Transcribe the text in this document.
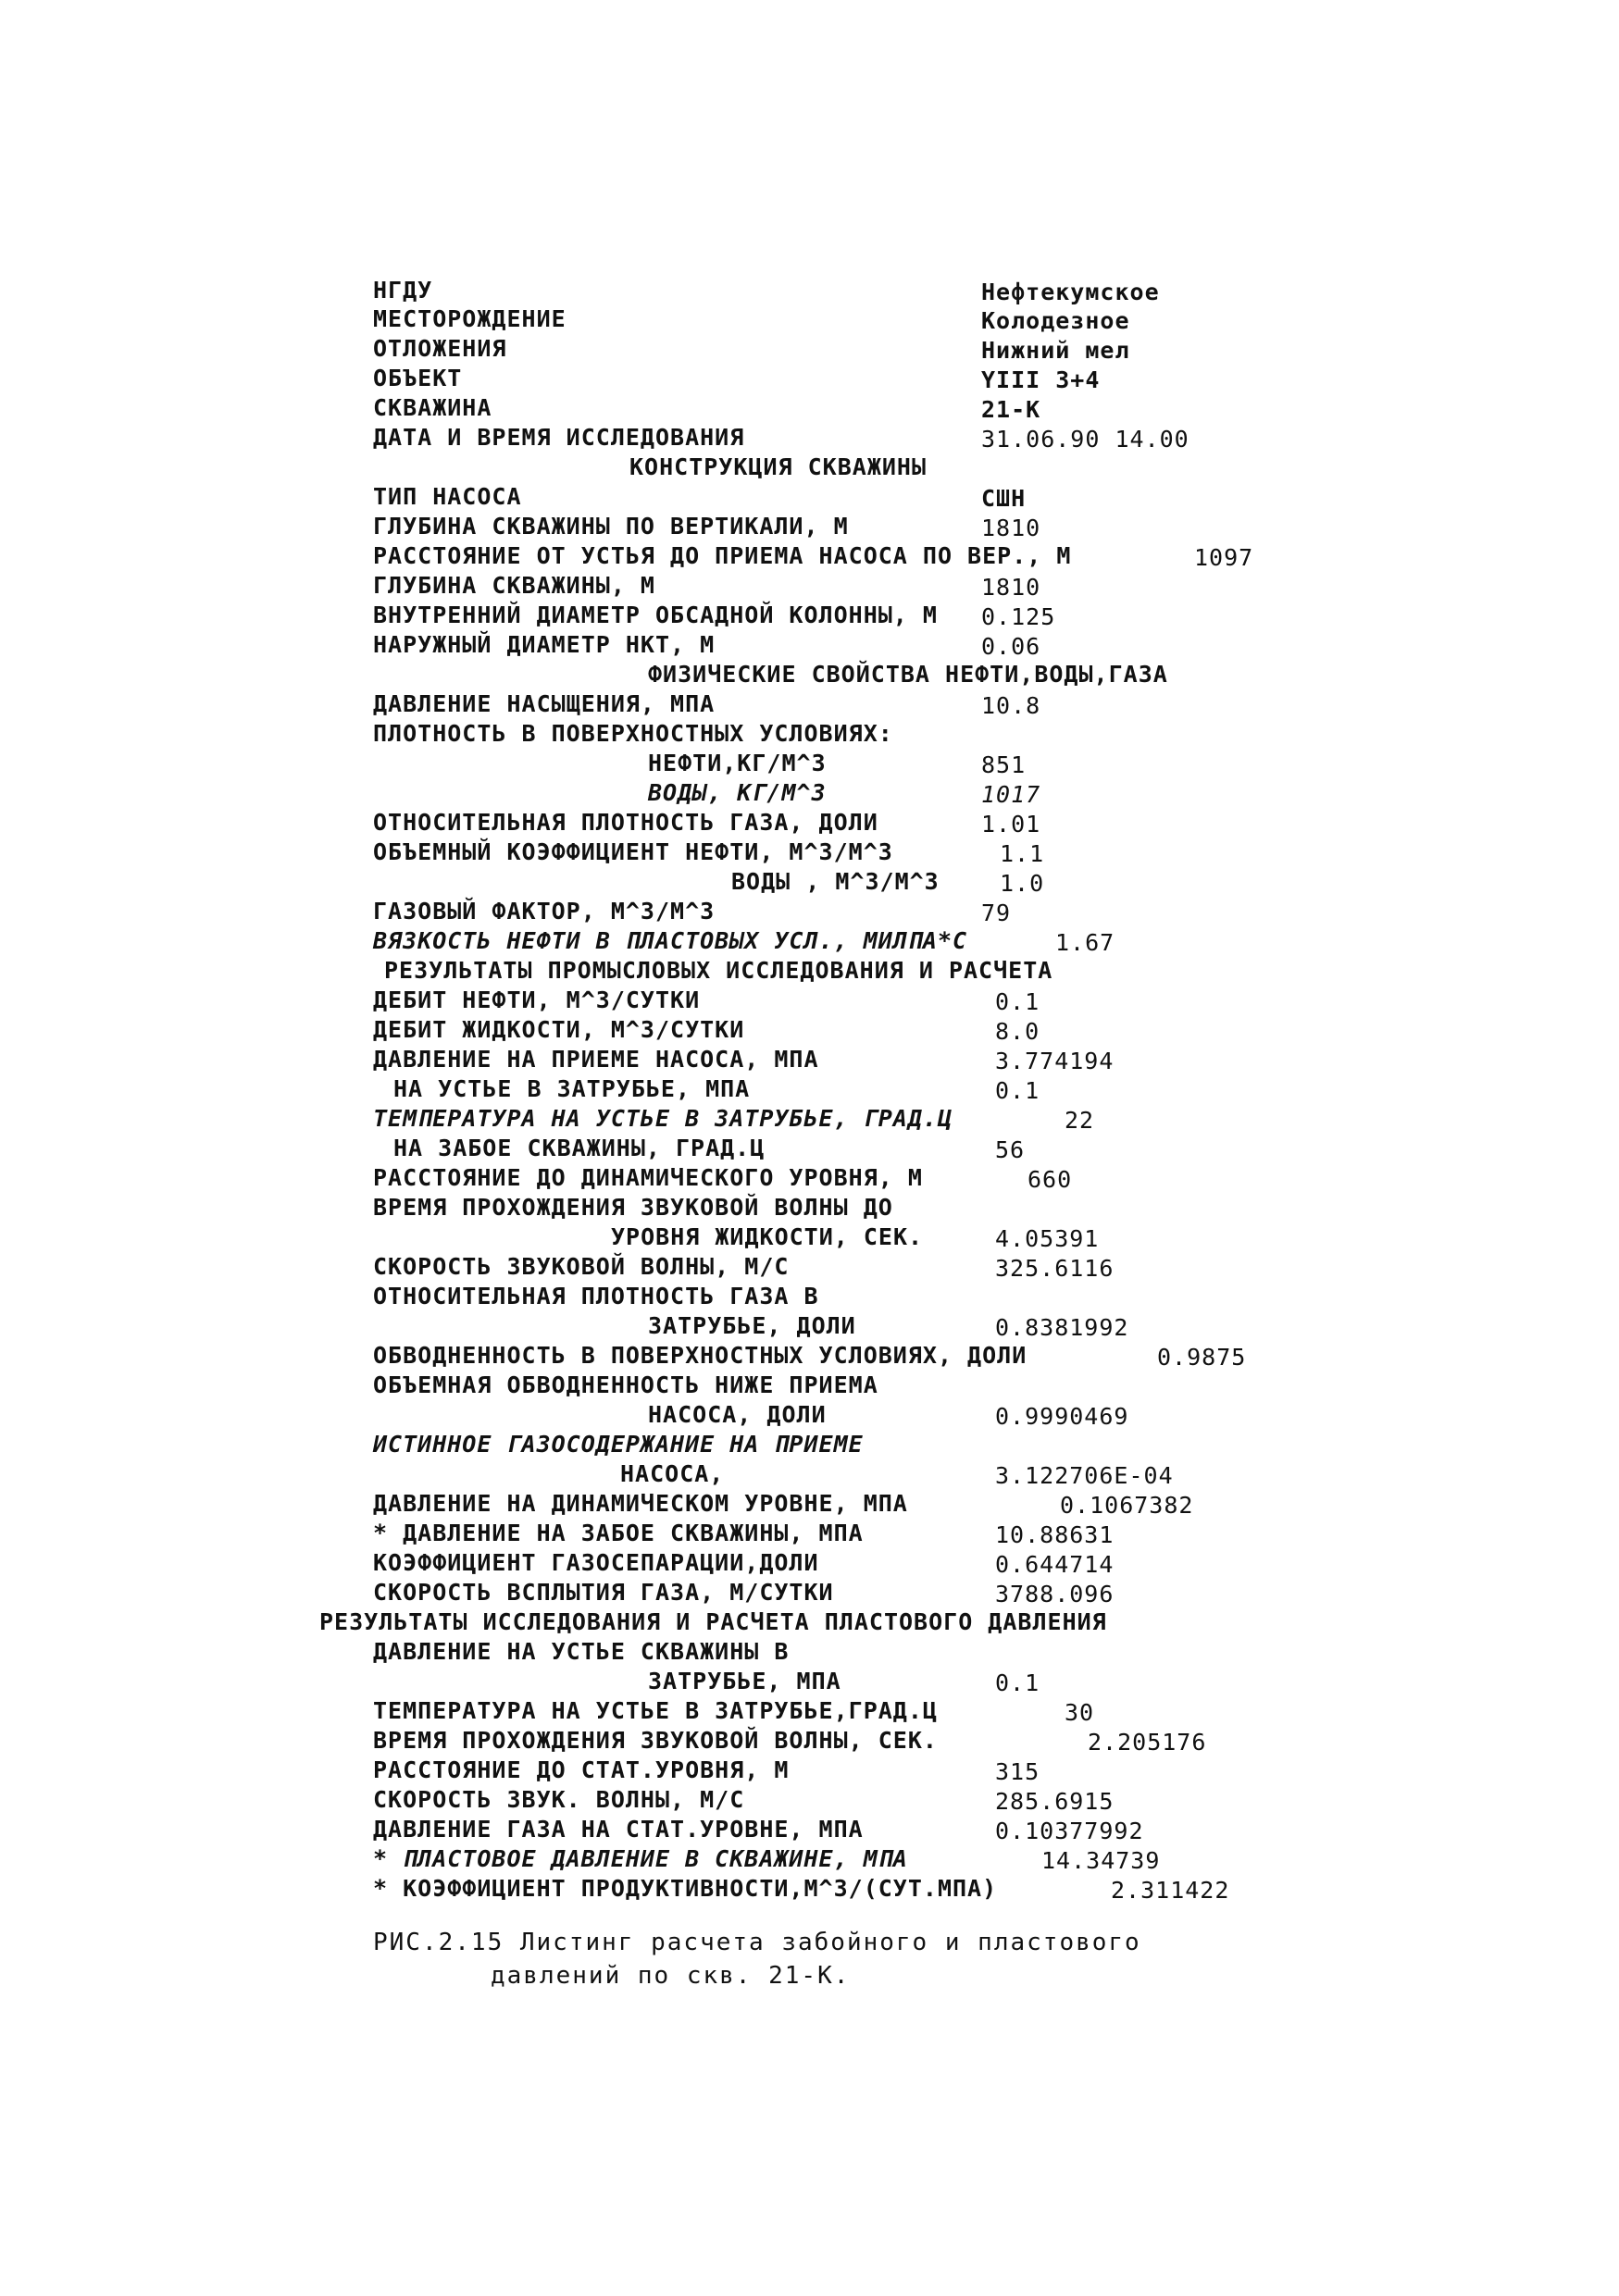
НГДУ	Нефтекумское
МЕСТОРОЖДЕНИЕ	Колодезное
ОТЛОЖЕНИЯ	Нижний мел
ОБЪЕКТ	YIII 3+4
СКВАЖИНА	21-К
ДАТА И ВРЕМЯ ИССЛЕДОВАНИЯ	31.06.90 14.00
КОНСТРУКЦИЯ СКВАЖИНЫ
ТИП НАСОСА	СШН
ГЛУБИНА СКВАЖИНЫ ПО ВЕРТИКАЛИ, М	1810
РАССТОЯНИЕ ОТ УСТЬЯ ДО ПРИЕМА НАСОСА ПО ВЕР., М	1097
ГЛУБИНА СКВАЖИНЫ, М	1810
ВНУТРЕННИЙ ДИАМЕТР ОБСАДНОЙ КОЛОННЫ, М 0.125
НАРУЖНЫЙ ДИАМЕТР НКТ, М	0.06
ФИЗИЧЕСКИЕ СВОЙСТВА НЕФТИ,ВОДЫ,ГАЗА
ДАВЛЕНИЕ НАСЫЩЕНИЯ, МПА	10.8
ПЛОТНОСТЬ В ПОВЕРХНОСТНЫХ УСЛОВИЯХ:
НЕФТИ,КГ/М^3	851
ВОДЫ, КГ/М^3	1017
ОТНОСИТЕЛЬНАЯ ПЛОТНОСТЬ ГАЗА, ДОЛИ	1.01
ОБЪЕМНЫЙ КОЭФФИЦИЕНТ НЕФТИ, М^3/М^3	1.1
ВОДЫ , М^3/М^3	1.0
ГАЗОВЫЙ ФАКТОР, М^3/М^3	79
ВЯЗКОСТЬ НЕФТИ В ПЛАСТОВЫХ УСЛ., МИЛПА*С	1.67
РЕЗУЛЬТАТЫ ПРОМЫСЛОВЫХ ИССЛЕДОВАНИЯ И РАСЧЕТА
ДЕБИТ НЕФТИ, М^3/СУТКИ	0.1
ДЕБИТ ЖИДКОСТИ, М^3/СУТКИ	8.0
ДАВЛЕНИЕ НА ПРИЕМЕ НАСОСА, МПА	3.774194
НА УСТЬЕ В ЗАТРУБЬЕ, МПА	0.1
ТЕМПЕРАТУРА НА УСТЬЕ В ЗАТРУБЬЕ, ГРАД.Ц	22
НА ЗАБОЕ СКВАЖИНЫ, ГРАД.Ц	56
РАССТОЯНИЕ ДО ДИНАМИЧЕСКОГО УРОВНЯ, М	660
ВРЕМЯ ПРОХОЖДЕНИЯ ЗВУКОВОЙ ВОЛНЫ ДО
УРОВНЯ ЖИДКОСТИ, СЕК.	4.05391
СКОРОСТЬ ЗВУКОВОЙ ВОЛНЫ, М/С	325.6116
ОТНОСИТЕЛЬНАЯ ПЛОТНОСТЬ ГАЗА В
ЗАТРУБЬЕ, ДОЛИ	0.8381992
ОБВОДНЕННОСТЬ В ПОВЕРХНОСТНЫХ УСЛОВИЯХ, ДОЛИ	0.9875
ОБЪЕМНАЯ ОБВОДНЕННОСТЬ НИЖЕ ПРИЕМА
НАСОСА, ДОЛИ	0.9990469
ИСТИННОЕ ГАЗОСОДЕРЖАНИЕ НА ПРИЕМЕ
НАСОСА,	3.122706E-04
ДАВЛЕНИЕ НА ДИНАМИЧЕСКОМ УРОВНЕ, МПА	0.1067382
* ДАВЛЕНИЕ НА ЗАБОЕ СКВАЖИНЫ, МПА	10.88631
КОЭФФИЦИЕНТ ГАЗОСЕПАРАЦИИ,ДОЛИ	0.644714
СКОРОСТЬ ВСПЛЫТИЯ ГАЗА, М/СУТКИ	3788.096
РЕЗУЛЬТАТЫ ИССЛЕДОВАНИЯ И РАСЧЕТА ПЛАСТОВОГО ДАВЛЕНИЯ
ДАВЛЕНИЕ НА УСТЬЕ СКВАЖИНЫ В
ЗАТРУБЬЕ, МПА	0.1
ТЕМПЕРАТУРА НА УСТЬЕ В ЗАТРУБЬЕ,ГРАД.Ц	30
ВРЕМЯ ПРОХОЖДЕНИЯ ЗВУКОВОЙ ВОЛНЫ, СЕК.	2.205176
РАССТОЯНИЕ ДО СТАТ.УРОВНЯ, М	315
СКОРОСТЬ ЗВУК. ВОЛНЫ, М/С	285.6915
ДАВЛЕНИЕ ГАЗА НА СТАТ.УРОВНЕ, МПА	0.10377992
* ПЛАСТОВОЕ ДАВЛЕНИЕ В СКВАЖИНЕ, МПА	14.34739
* КОЭФФИЦИЕНТ ПРОДУКТИВНОСТИ,М^3/(СУТ.МПА)	2.311422
РИС.2.15 Листинг расчета забойного и пластового
давлений по скв. 21-К.
